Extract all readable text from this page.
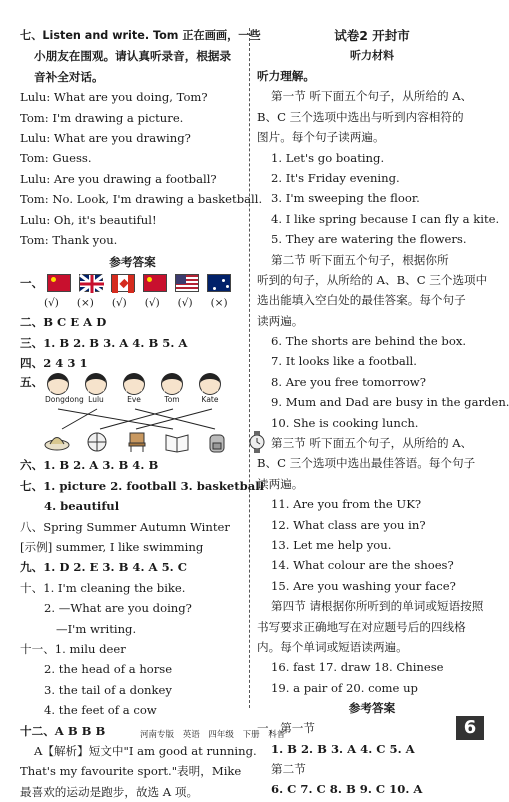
七、Listen and write. Tom 正在画画，一些

小朋友在围观。请认真听录音，根据录

音补全对话。

Lulu: What are you doing, Tom?

Tom: I'm drawing a picture.

Lulu: What are you drawing?

Tom: Guess.

Lulu: Are you drawing a football?

Tom: No. Look, I'm drawing a basketball.

Lulu: Oh, it's beautiful!

Tom: Thank you.

参考答案

一、
(√) (×) (√) (√) (√) (×)

二、B C E A D

三、1. B 2. B 3. A 4. B 5. A

四、2 4 3 1

五、
Dongdong Lulu	Eve	Tom	Kate

六、1. B 2. A 3. B 4. B

七、1. picture 2. football 3. basketball

4. beautiful

八、Spring Summer Autumn Winter

[示例] summer, I like swimming

九、1. D 2. E 3. B 4. A 5. C

十、1. I'm cleaning the bike.

2. —What are you doing?

—I'm writing.

十一、1. milu deer

2. the head of a horse

3. the tail of a donkey

4. the feet of a cow

十二、A B B B

A【解析】短文中"I am good at running.

That's my favourite sport."表明，Mike

最喜欢的运动是跑步，故选 A 项。

试卷2 开封市

听力材料

听力理解。

第一节 听下面五个句子，从所给的 A、

B、C 三个选项中选出与听到内容相符的

图片。每个句子读两遍。

1. Let's go boating.

2. It's Friday evening.

3. I'm sweeping the floor.

4. I like spring because I can fly a kite.

5. They are watering the flowers.

第二节 听下面五个句子，根据你所

听到的句子，从所给的 A、B、C 三个选项中

选出能填入空白处的最佳答案。每个句子

读两遍。

6. The shorts are behind the box.

7. It looks like a football.

8. Are you free tomorrow?

9. Mum and Dad are busy in the garden.

10. She is cooking lunch.

第三节 听下面五个句子，从所给的 A、

B、C 三个选项中选出最佳答语。每个句子

读两遍。

11. Are you from the UK?

12. What class are you in?

13. Let me help you.

14. What colour are the shoes?

15. Are you washing your face?

第四节 请根据你所听到的单词或短语按照

书写要求正确地写在对应题号后的四线格

内。每个单词或短语读两遍。

16. fast 17. draw 18. Chinese

19. a pair of 20. come up

参考答案

一、第一节

1. B 2. B 3. A 4. C 5. A

第二节

6. C 7. C 8. B 9. C 10. A

河南专版 英语 四年级 下册 科普	6
